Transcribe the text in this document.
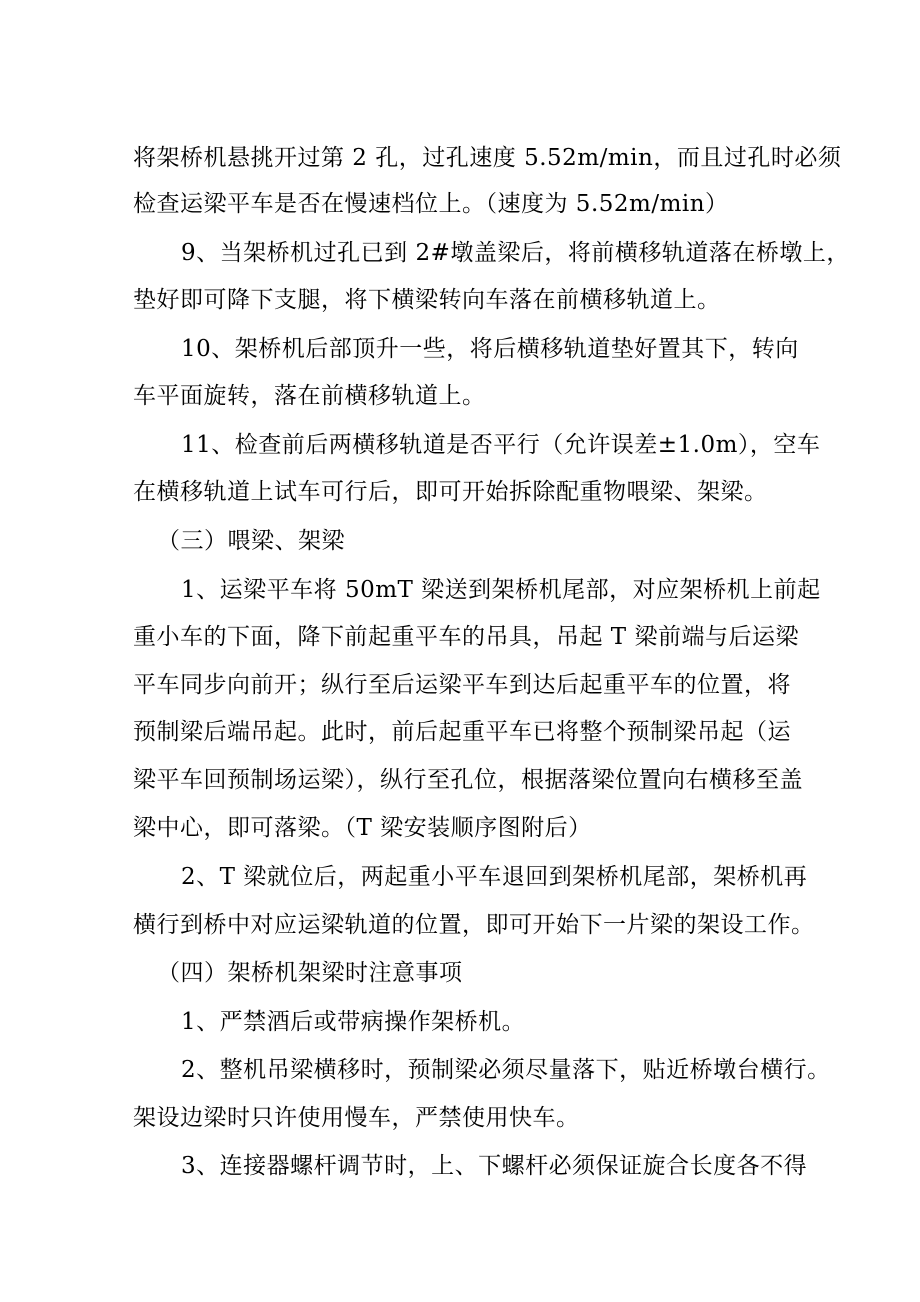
将架桥机悬挑开过第 2 孔，过孔速度 5.52m/min，而且过孔时必须
检查运梁平车是否在慢速档位上。（速度为 5.52m/min）
9、当架桥机过孔已到 2#墩盖梁后，将前横移轨道落在桥墩上，
垫好即可降下支腿，将下横梁转向车落在前横移轨道上。
10、架桥机后部顶升一些，将后横移轨道垫好置其下，转向
车平面旋转，落在前横移轨道上。
11、检查前后两横移轨道是否平行（允许误差±1.0m），空车
在横移轨道上试车可行后，即可开始拆除配重物喂梁、架梁。
（三）喂梁、架梁
1、运梁平车将 50mT 梁送到架桥机尾部，对应架桥机上前起
重小车的下面，降下前起重平车的吊具，吊起 T 梁前端与后运梁
平车同步向前开；纵行至后运梁平车到达后起重平车的位置，将
预制梁后端吊起。此时，前后起重平车已将整个预制梁吊起（运
梁平车回预制场运梁），纵行至孔位，根据落梁位置向右横移至盖
梁中心，即可落梁。（T 梁安装顺序图附后）
2、T 梁就位后，两起重小平车退回到架桥机尾部，架桥机再
横行到桥中对应运梁轨道的位置，即可开始下一片梁的架设工作。
（四）架桥机架梁时注意事项
1、严禁酒后或带病操作架桥机。
2、整机吊梁横移时，预制梁必须尽量落下，贴近桥墩台横行。
架设边梁时只许使用慢车，严禁使用快车。
3、连接器螺杆调节时，上、下螺杆必须保证旋合长度各不得
